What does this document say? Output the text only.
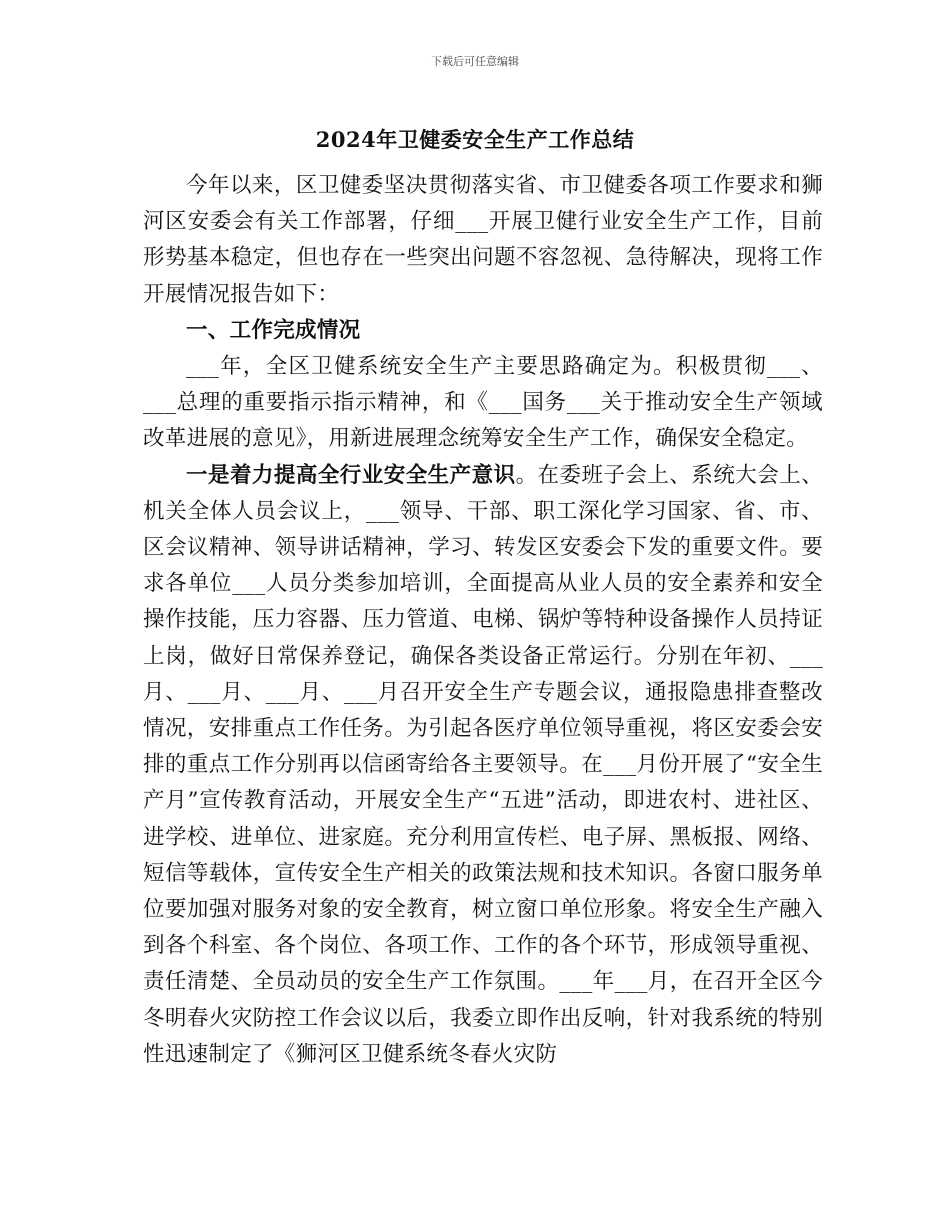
下载后可任意编辑
2024年卫健委安全生产工作总结

今年以来，区卫健委坚决贯彻落实省、市卫健委各项工作要求和狮河区安委会有关工作部署，仔细___开展卫健行业安全生产工作，目前形势基本稳定，但也存在一些突出问题不容忽视、急待解决，现将工作开展情况报告如下：

一、工作完成情况

___年，全区卫健系统安全生产主要思路确定为。积极贯彻___、___总理的重要指示指示精神，和《___国务___关于推动安全生产领域改革进展的意见》，用新进展理念统筹安全生产工作，确保安全稳定。

一是着力提高全行业安全生产意识。在委班子会上、系统大会上、机关全体人员会议上，___领导、干部、职工深化学习国家、省、市、区会议精神、领导讲话精神，学习、转发区安委会下发的重要文件。要求各单位___人员分类参加培训，全面提高从业人员的安全素养和安全操作技能，压力容器、压力管道、电梯、锅炉等特种设备操作人员持证上岗，做好日常保养登记，确保各类设备正常运行。分别在年初、___月、___月、___月、___月召开安全生产专题会议，通报隐患排查整改情况，安排重点工作任务。为引起各医疗单位领导重视，将区安委会安排的重点工作分别再以信函寄给各主要领导。在___月份开展了“安全生产月”宣传教育活动，开展安全生产“五进”活动，即进农村、进社区、进学校、进单位、进家庭。充分利用宣传栏、电子屏、黑板报、网络、短信等载体，宣传安全生产相关的政策法规和技术知识。各窗口服务单位要加强对服务对象的安全教育，树立窗口单位形象。将安全生产融入到各个科室、各个岗位、各项工作、工作的各个环节，形成领导重视、责任清楚、全员动员的安全生产工作氛围。___年___月，在召开全区今冬明春火灾防控工作会议以后，我委立即作出反响，针对我系统的特别性迅速制定了《狮河区卫健系统冬春火灾防
